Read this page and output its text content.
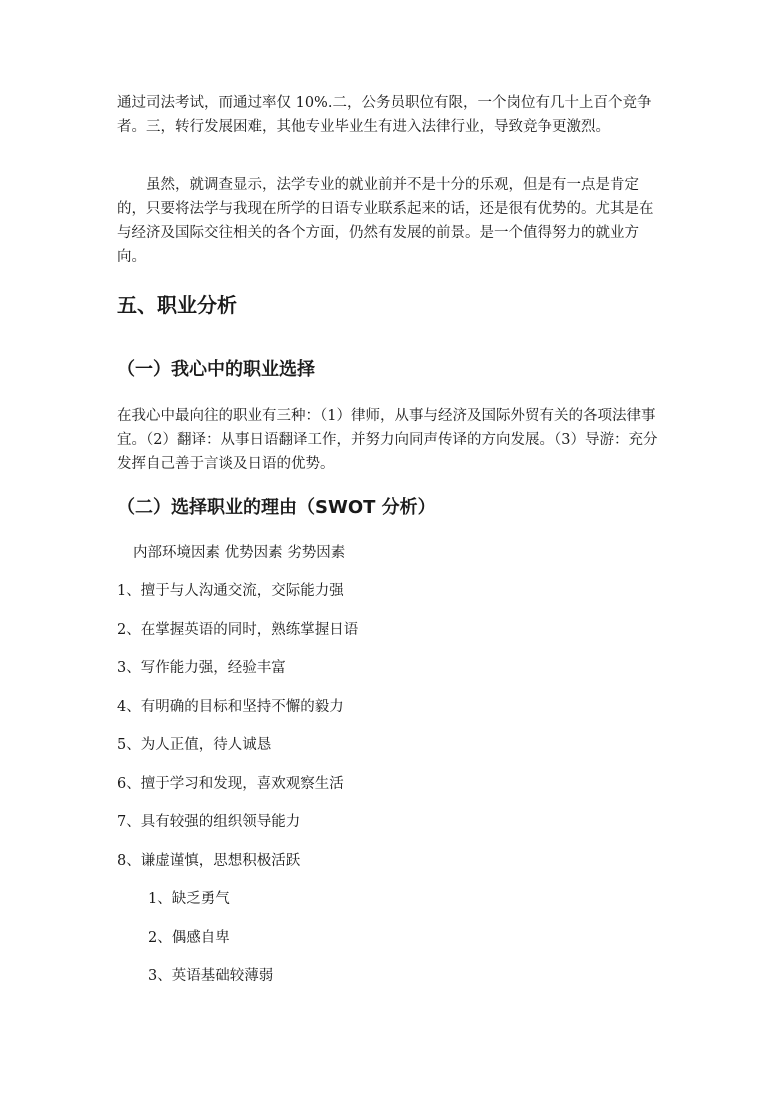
通过司法考试，而通过率仅 10%.二，公务员职位有限，一个岗位有几十上百个竞争者。三，转行发展困难，其他专业毕业生有进入法律行业，导致竞争更激烈。

虽然，就调查显示，法学专业的就业前并不是十分的乐观，但是有一点是肯定的，只要将法学与我现在所学的日语专业联系起来的话，还是很有优势的。尤其是在与经济及国际交往相关的各个方面，仍然有发展的前景。是一个值得努力的就业方向。

五、职业分析
（一）我心中的职业选择

在我心中最向往的职业有三种：（1）律师，从事与经济及国际外贸有关的各项法律事宜。（2）翻译：从事日语翻译工作，并努力向同声传译的方向发展。（3）导游：充分发挥自己善于言谈及日语的优势。

（二）选择职业的理由（SWOT 分析）

内部环境因素 优势因素 劣势因素

1、擅于与人沟通交流，交际能力强

2、在掌握英语的同时，熟练掌握日语

3、写作能力强，经验丰富

4、有明确的目标和坚持不懈的毅力

5、为人正值，待人诚恳

6、擅于学习和发现，喜欢观察生活

7、具有较强的组织领导能力

8、谦虚谨慎，思想积极活跃

1、缺乏勇气

2、偶感自卑

3、英语基础较薄弱
